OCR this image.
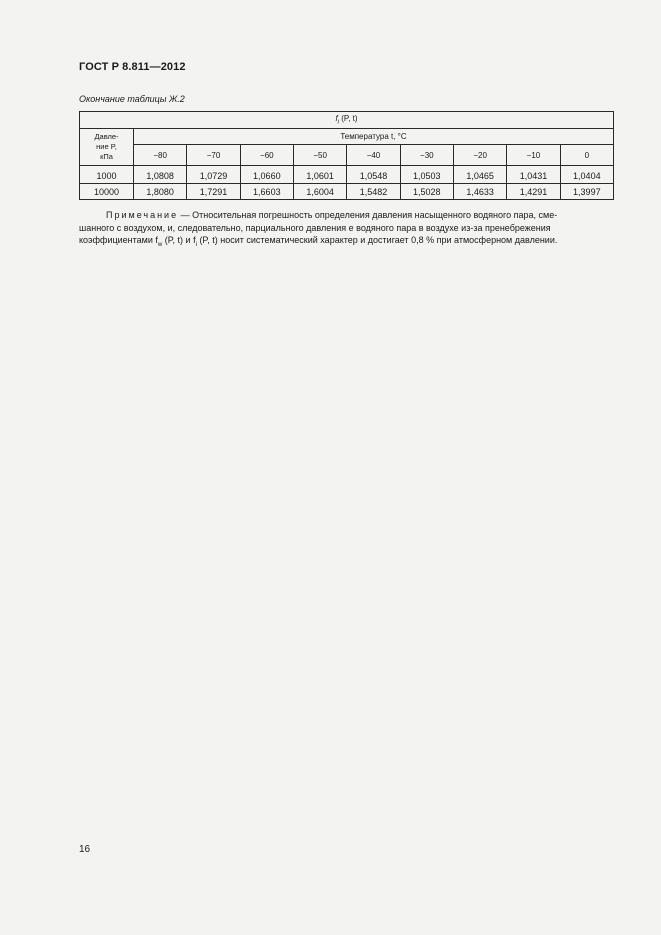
ГОСТ Р 8.811—2012
Окончание таблицы Ж.2
$f_i$ (P, t)									
Давле-
ние P,
кПа	Температура t, °С								
	−80	−70	−60	−50	−40	−30	−20	−10	0
1000	1,0808	1,0729	1,0660	1,0601	1,0548	1,0503	1,0465	1,0431	1,0404
10000	1,8080	1,7291	1,6603	1,6004	1,5482	1,5028	1,4633	1,4291	1,3997
Примечание — Относительная погрешность определения давления насыщенного водяного пара, сме-
шанного с воздухом, и, следовательно, парциального давления e водяного пара в воздухе из-за пренебрежения
коэффициентами $f_w$ (P, t) и $f_i$ (P, t) носит систематический характер и достигает 0,8 % при атмосферном давлении.
16
